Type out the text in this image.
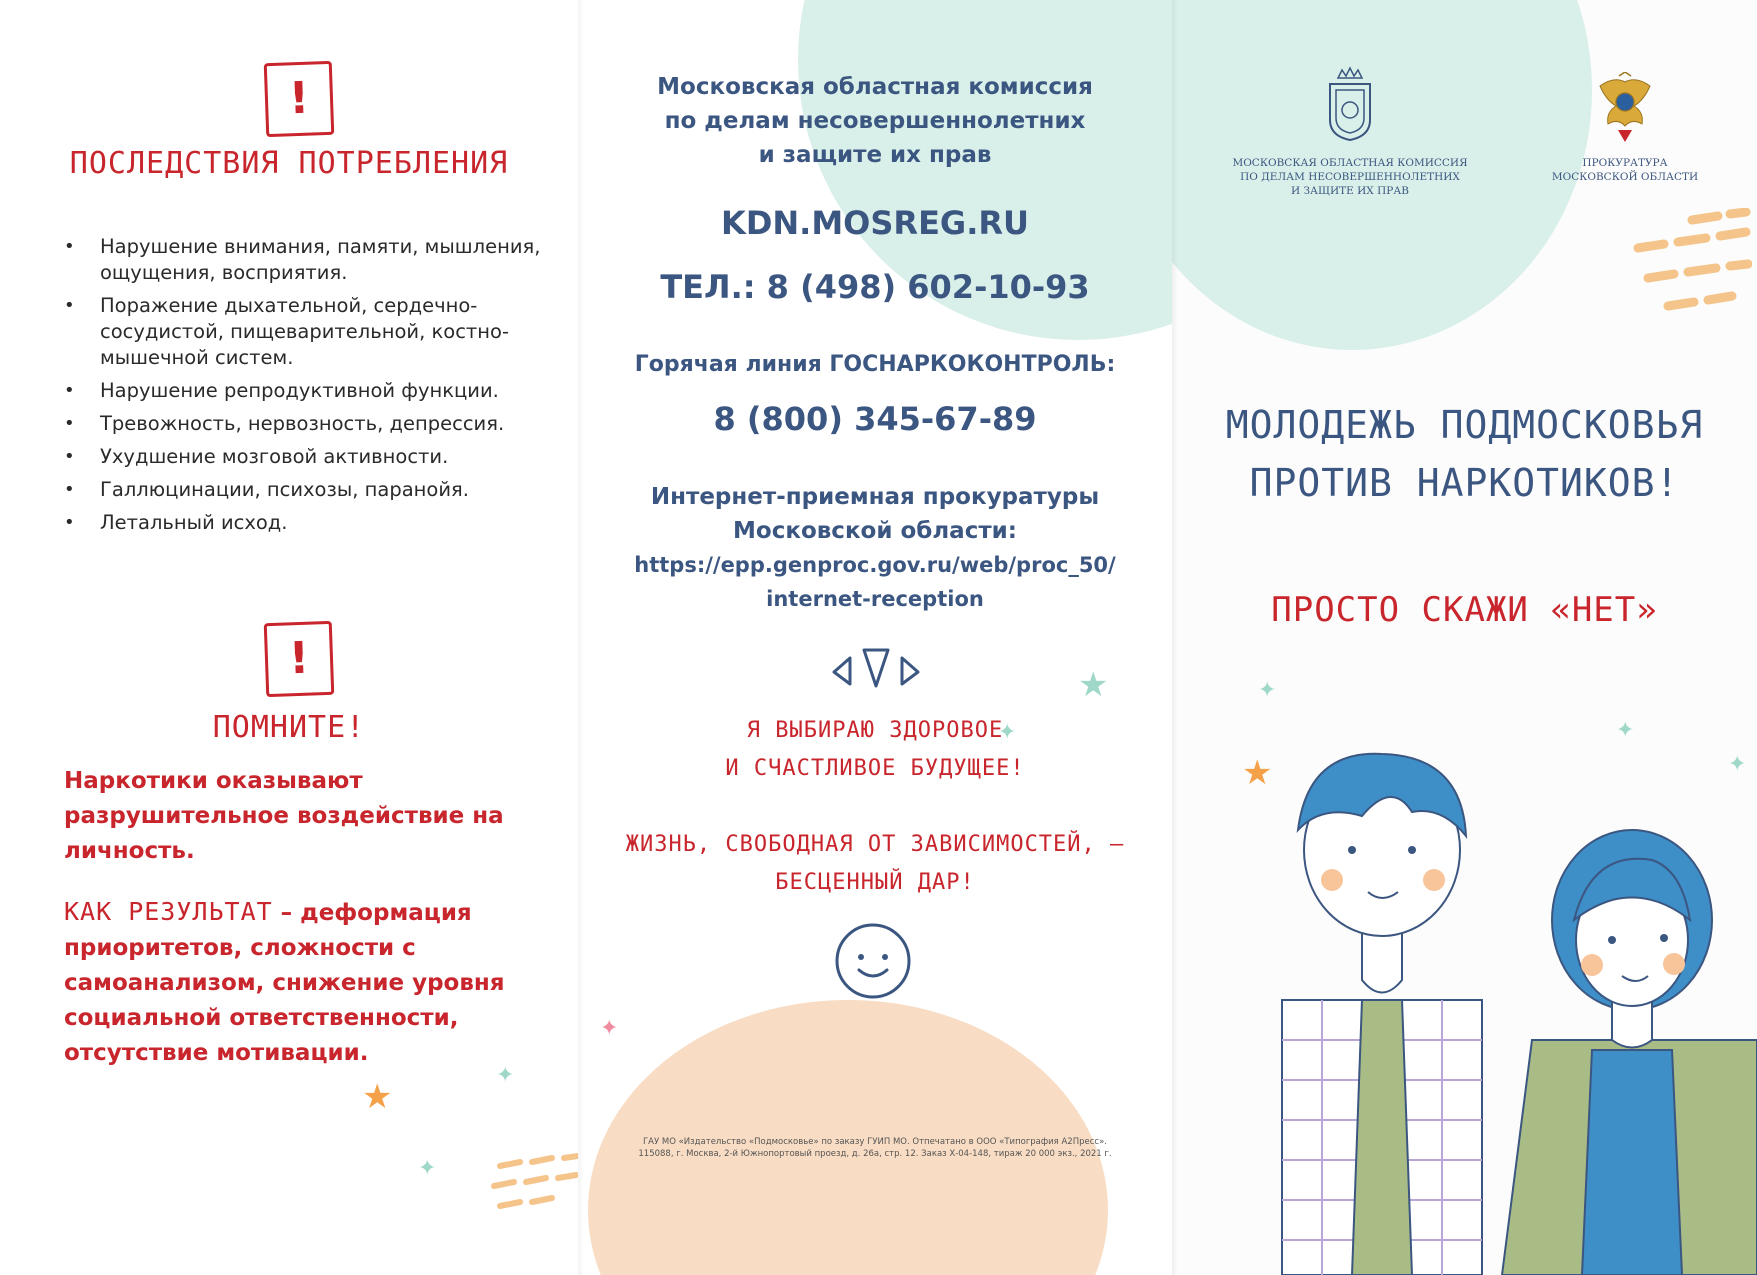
!
ПОСЛЕДСТВИЯ ПОТРЕБЛЕНИЯ
• Нарушение внимания, памяти, мышления, ощущения, восприятия.
• Поражение дыхательной, сердечно-сосудистой, пищеварительной, костно-мышечной систем.
• Нарушение репродуктивной функции.
• Тревожность, нервозность, депрессия.
• Ухудшение мозговой активности.
• Галлюцинации, психозы, паранойя.
• Летальный исход.
!
ПОМНИТЕ!
Наркотики оказывают разрушительное воздействие на личность.
КАК РЕЗУЛЬТАТ – деформация приоритетов, сложности с самоанализом, снижение уровня социальной ответственности, отсутствие мотивации.
★
✦
✦
Московская областная комиссия
по делам несовершеннолетних
и защите их прав
KDN.MOSREG.RU
ТЕЛ.: 8 (498) 602-10-93
Горячая линия ГОСНАРКОКОНТРОЛЬ:
8 (800) 345-67-89
Интернет-приемная прокуратуры
Московской области:
https://epp.genproc.gov.ru/web/proc_50/
internet-reception
Я ВЫБИРАЮ ЗДОРОВОЕ
И СЧАСТЛИВОЕ БУДУЩЕЕ!
ЖИЗНЬ, СВОБОДНАЯ ОТ ЗАВИСИМОСТЕЙ, –
БЕСЦЕННЫЙ ДАР!
★
✦
✦
ГАУ МО «Издательство «Подмосковье» по заказу ГУИП МО. Отпечатано в ООО «Типография А2Пресс».
115088, г. Москва, 2-й Южнопортовый проезд, д. 26а, стр. 12. Заказ Х-04-148, тираж 20 000 экз., 2021 г.
МОСКОВСКАЯ ОБЛАСТНАЯ КОМИССИЯ
ПО ДЕЛАМ НЕСОВЕРШЕННОЛЕТНИХ
И ЗАЩИТЕ ИХ ПРАВ
ПРОКУРАТУРА
МОСКОВСКОЙ ОБЛАСТИ
МОЛОДЕЖЬ ПОДМОСКОВЬЯ
ПРОТИВ НАРКОТИКОВ!
ПРОСТО СКАЖИ «НЕТ»
★
✦
✦
✦
